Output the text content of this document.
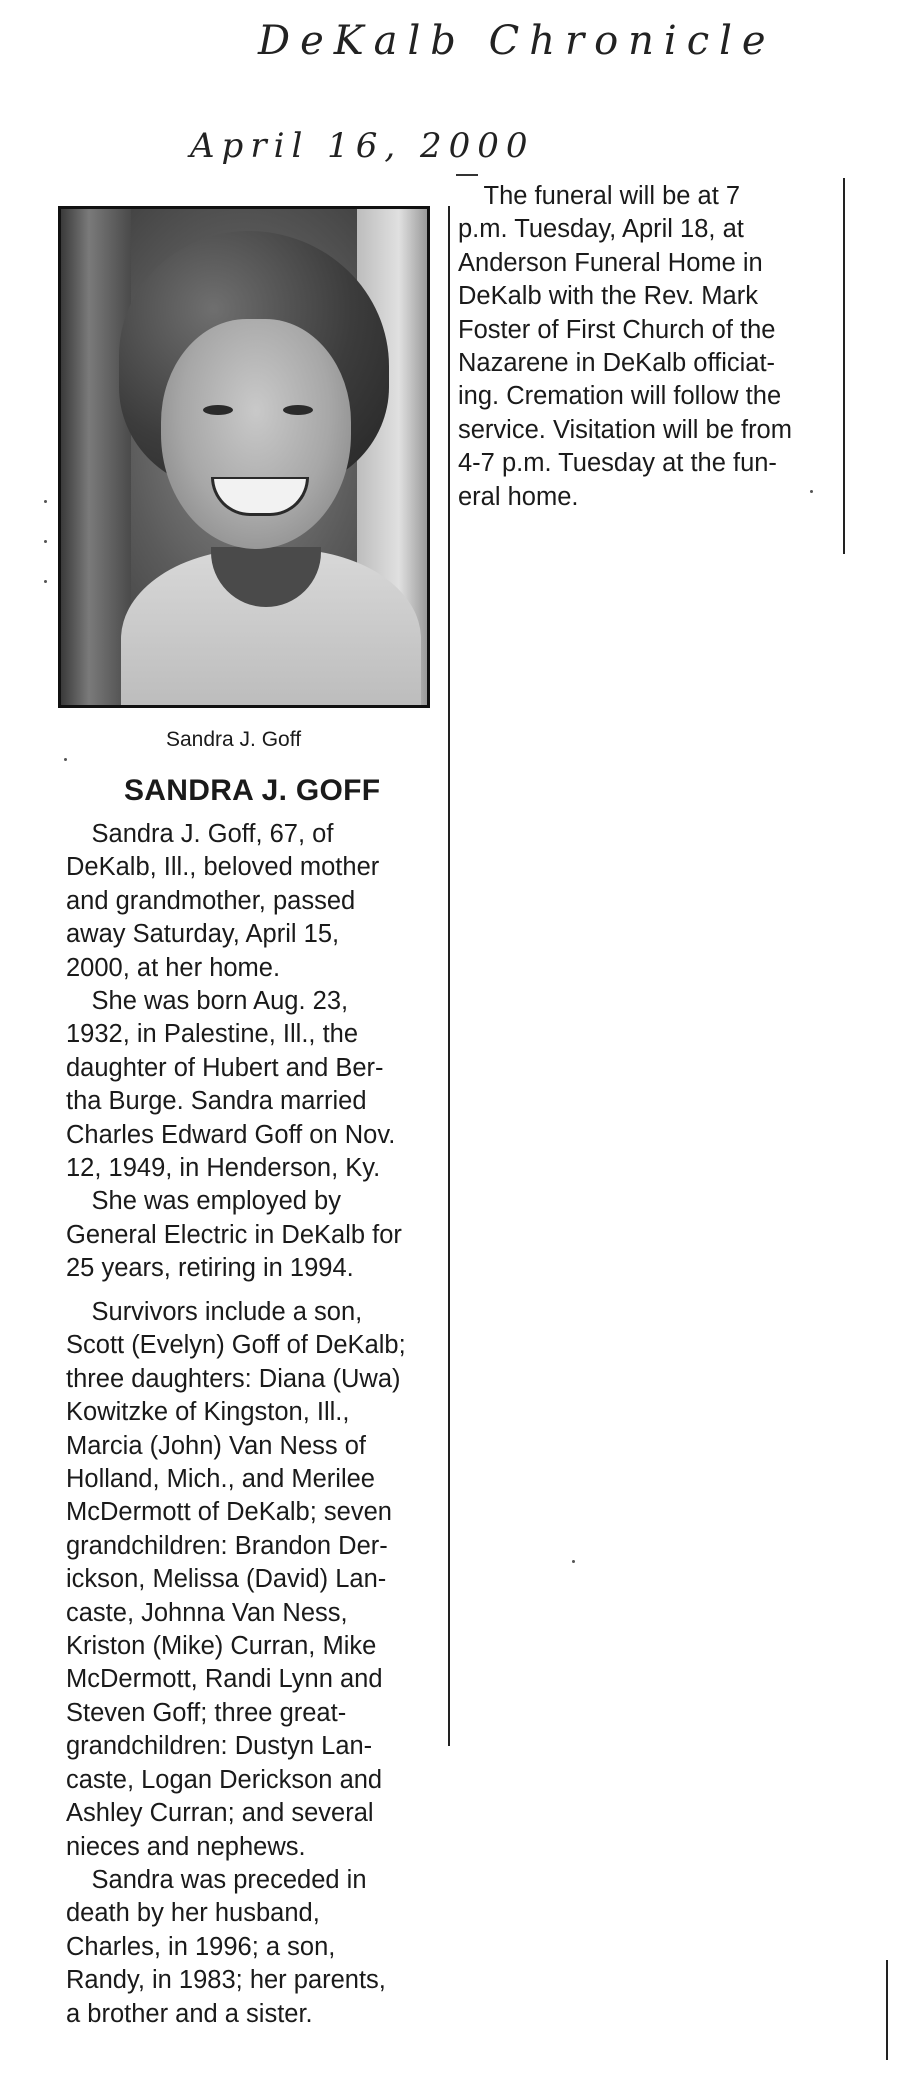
DeKalb Chronicle
April 16, 2000
Sandra J. Goff
SANDRA J. GOFF
 Sandra J. Goff, 67, of
DeKalb, Ill., beloved mother
and grandmother, passed
away Saturday, April 15,
2000, at her home.
 She was born Aug. 23,
1932, in Palestine, Ill., the
daughter of Hubert and Ber-
tha Burge. Sandra married
Charles Edward Goff on Nov.
12, 1949, in Henderson, Ky.
 She was employed by
General Electric in DeKalb for
25 years, retiring in 1994.
 Survivors include a son,
Scott (Evelyn) Goff of DeKalb;
three daughters: Diana (Uwa)
Kowitzke of Kingston, Ill.,
Marcia (John) Van Ness of
Holland, Mich., and Merilee
McDermott of DeKalb; seven
grandchildren: Brandon Der-
ickson, Melissa (David) Lan-
caste, Johnna Van Ness,
Kriston (Mike) Curran, Mike
McDermott, Randi Lynn and
Steven Goff; three great-
grandchildren: Dustyn Lan-
caste, Logan Derickson and
Ashley Curran; and several
nieces and nephews.
 Sandra was preceded in
death by her husband,
Charles, in 1996; a son,
Randy, in 1983; her parents,
a brother and a sister.
 The funeral will be at 7
p.m. Tuesday, April 18, at
Anderson Funeral Home in
DeKalb with the Rev. Mark
Foster of First Church of the
Nazarene in DeKalb officiat-
ing. Cremation will follow the
service. Visitation will be from
4-7 p.m. Tuesday at the fun-
eral home.
